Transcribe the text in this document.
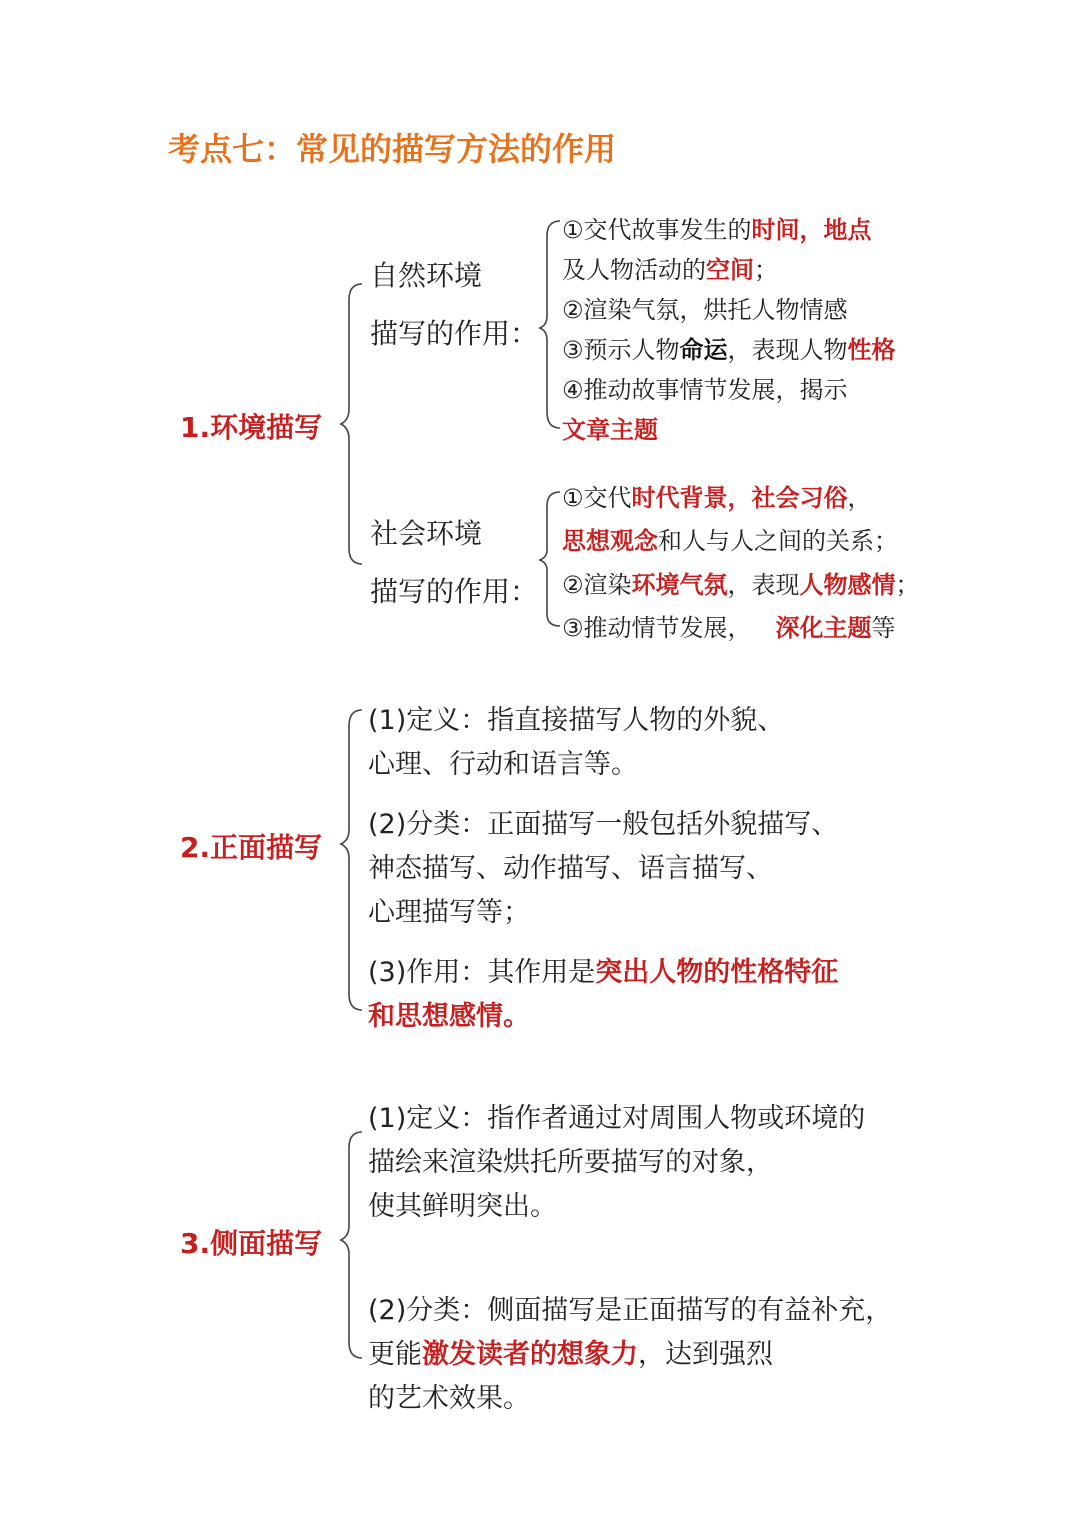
考点七：常见的描写方法的作用
1.环境描写
自然环境
描写的作用：
①交代故事发生的时间，地点
及人物活动的空间；
②渲染气氛，烘托人物情感
③预示人物命运，表现人物性格
④推动故事情节发展，揭示
文章主题
社会环境
描写的作用：
①交代时代背景，社会习俗，
思想观念和人与人之间的关系；
②渲染环境气氛，表现人物感情；
③推动情节发展， 深化主题等
2.正面描写
(1)定义：指直接描写人物的外貌、
心理、行动和语言等。
(2)分类：正面描写一般包括外貌描写、
神态描写、动作描写、语言描写、
心理描写等；
(3)作用：其作用是突出人物的性格特征
和思想感情。
3.侧面描写
(1)定义：指作者通过对周围人物或环境的
描绘来渲染烘托所要描写的对象，
使其鲜明突出。
(2)分类：侧面描写是正面描写的有益补充，
更能激发读者的想象力，达到强烈
的艺术效果。
